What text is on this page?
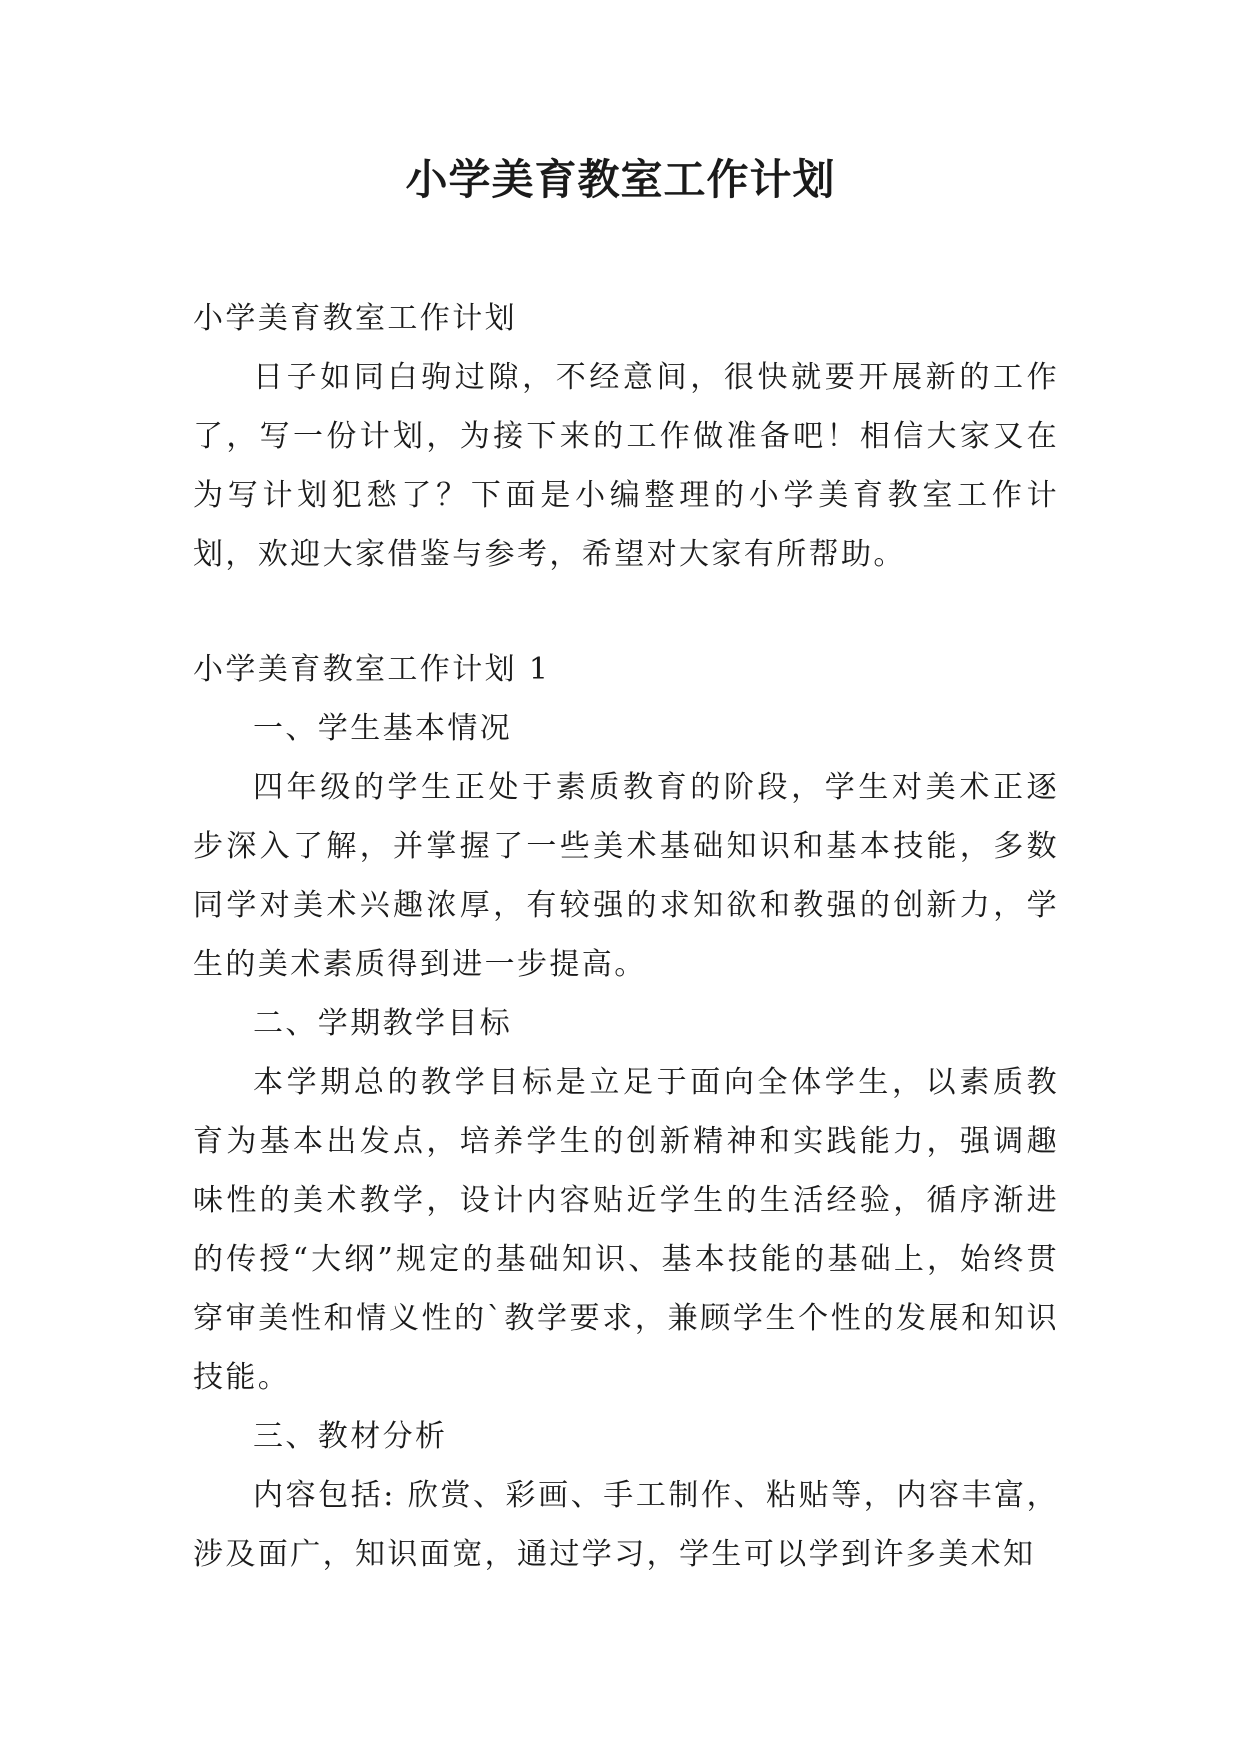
小学美育教室工作计划

小学美育教室工作计划

日子如同白驹过隙，不经意间，很快就要开展新的工作了，写一份计划，为接下来的工作做准备吧！相信大家又在为写计划犯愁了？下面是小编整理的小学美育教室工作计划，欢迎大家借鉴与参考，希望对大家有所帮助。

小学美育教室工作计划 1

一、学生基本情况

四年级的学生正处于素质教育的阶段，学生对美术正逐步深入了解，并掌握了一些美术基础知识和基本技能，多数同学对美术兴趣浓厚，有较强的求知欲和教强的创新力，学生的美术素质得到进一步提高。

二、学期教学目标

本学期总的教学目标是立足于面向全体学生，以素质教育为基本出发点，培养学生的创新精神和实践能力，强调趣味性的美术教学，设计内容贴近学生的生活经验，循序渐进的传授“大纲”规定的基础知识、基本技能的基础上，始终贯穿审美性和情义性的`教学要求，兼顾学生个性的发展和知识技能。

三、教材分析

内容包括: 欣赏、彩画、手工制作、粘贴等，内容丰富，涉及面广，知识面宽，通过学习，学生可以学到许多美术知
